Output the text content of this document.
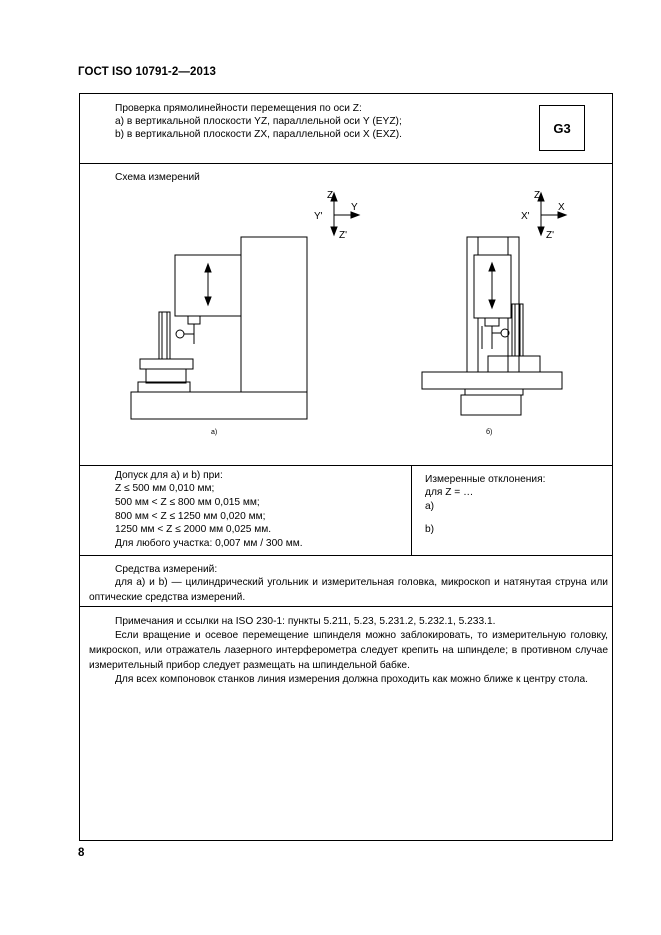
ГОСТ ISO 10791-2—2013
Проверка прямолинейности перемещения по оси Z:
a) в вертикальной плоскости YZ, параллельной оси Y (EYZ);
b) в вертикальной плоскости ZX, параллельной оси X (EXZ).	G3
Схема измерений
Z
Y'
Y
Z'
а)
Z
X'
X
Z'
б)
Допуск для а) и b) при:
Z ≤ 500 мм 0,010 мм;
500 мм < Z ≤ 800 мм 0,015 мм;
800 мм < Z ≤ 1250 мм 0,020 мм;
1250 мм < Z ≤ 2000 мм 0,025 мм.
Для любого участка: 0,007 мм / 300 мм.
Измеренные отклонения:
для Z = …
a)
b)
Средства измерений:
для а) и b) — цилиндрический угольник и измерительная головка, микроскоп и натянутая струна или оптические средства измерений.
Примечания и ссылки на ISO 230-1: пункты 5.211, 5.23, 5.231.2, 5.232.1, 5.233.1.
Если вращение и осевое перемещение шпинделя можно заблокировать, то измерительную головку, микроскоп, или отражатель лазерного интерферометра следует крепить на шпинделе; в противном случае измерительный прибор следует размещать на шпиндельной бабке.
Для всех компоновок станков линия измерения должна проходить как можно ближе к центру стола.
8
